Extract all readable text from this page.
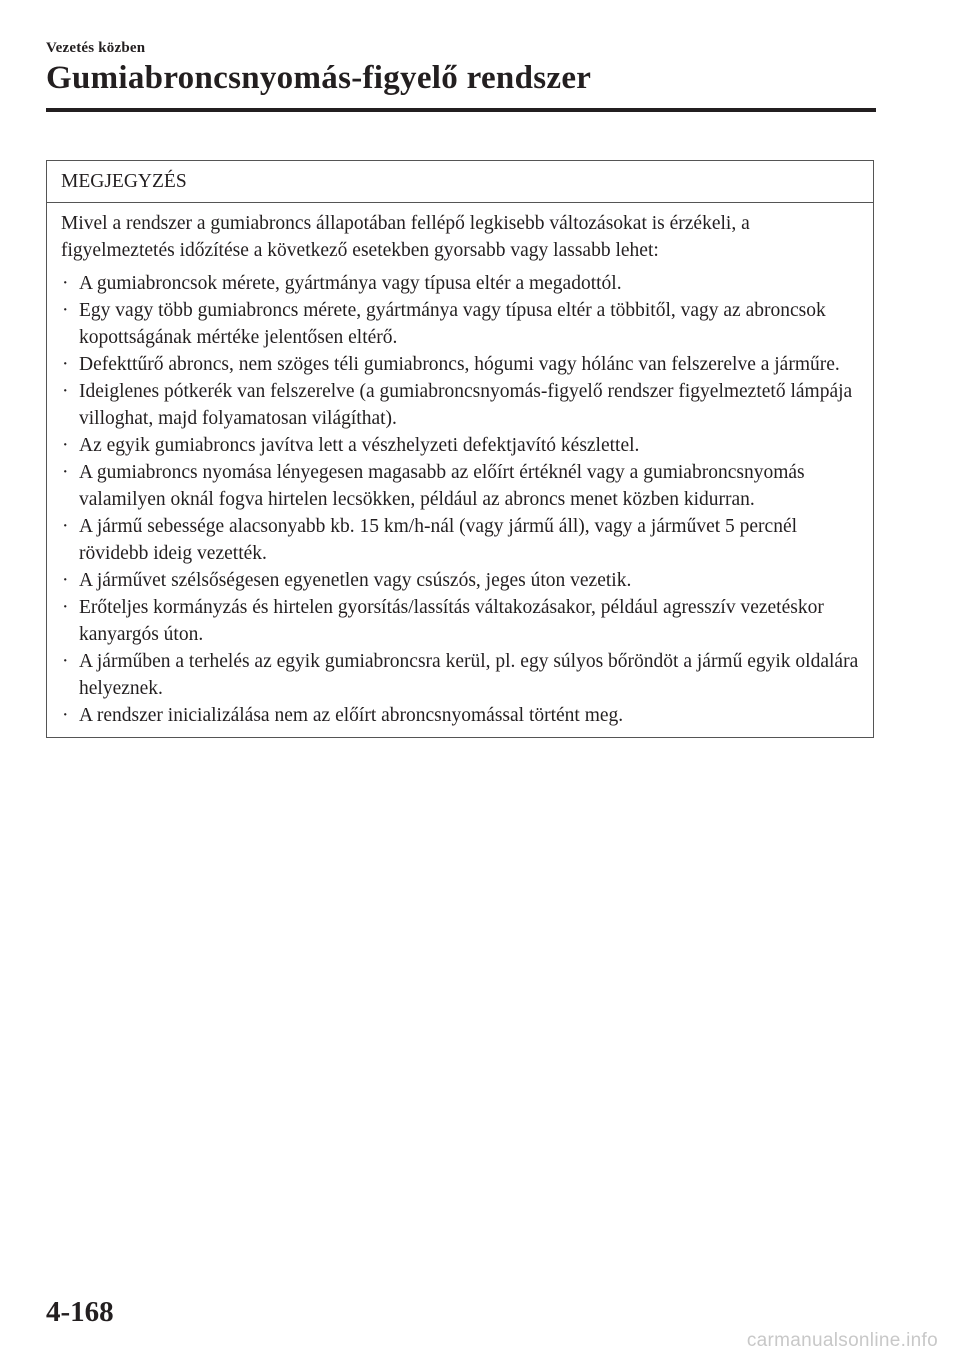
Vezetés közben
Gumiabroncsnyomás-figyelő rendszer
MEGJEGYZÉS

Mivel a rendszer a gumiabroncs állapotában fellépő legkisebb változásokat is érzékeli, a figyelmeztetés időzítése a következő esetekben gyorsabb vagy lassabb lehet:

· A gumiabroncsok mérete, gyártmánya vagy típusa eltér a megadottól.
· Egy vagy több gumiabroncs mérete, gyártmánya vagy típusa eltér a többitől, vagy az abroncsok kopottságának mértéke jelentősen eltérő.
· Defekttűrő abroncs, nem szöges téli gumiabroncs, hógumi vagy hólánc van felszerelve a járműre.
· Ideiglenes pótkerék van felszerelve (a gumiabroncsnyomás-figyelő rendszer figyelmeztető lámpája villoghat, majd folyamatosan világíthat).
· Az egyik gumiabroncs javítva lett a vészhelyzeti defektjavító készlettel.
· A gumiabroncs nyomása lényegesen magasabb az előírt értéknél vagy a gumiabroncsnyomás valamilyen oknál fogva hirtelen lecsökken, például az abroncs menet közben kidurran.
· A jármű sebessége alacsonyabb kb. 15 km/h-nál (vagy jármű áll), vagy a járművet 5 percnél rövidebb ideig vezették.
· A járművet szélsőségesen egyenetlen vagy csúszós, jeges úton vezetik.
· Erőteljes kormányzás és hirtelen gyorsítás/lassítás váltakozásakor, például agresszív vezetéskor kanyargós úton.
· A járműben a terhelés az egyik gumiabroncsra kerül, pl. egy súlyos bőröndöt a jármű egyik oldalára helyeznek.
· A rendszer inicializálása nem az előírt abroncsnyomással történt meg.
4-168
carmanualsonline.info
